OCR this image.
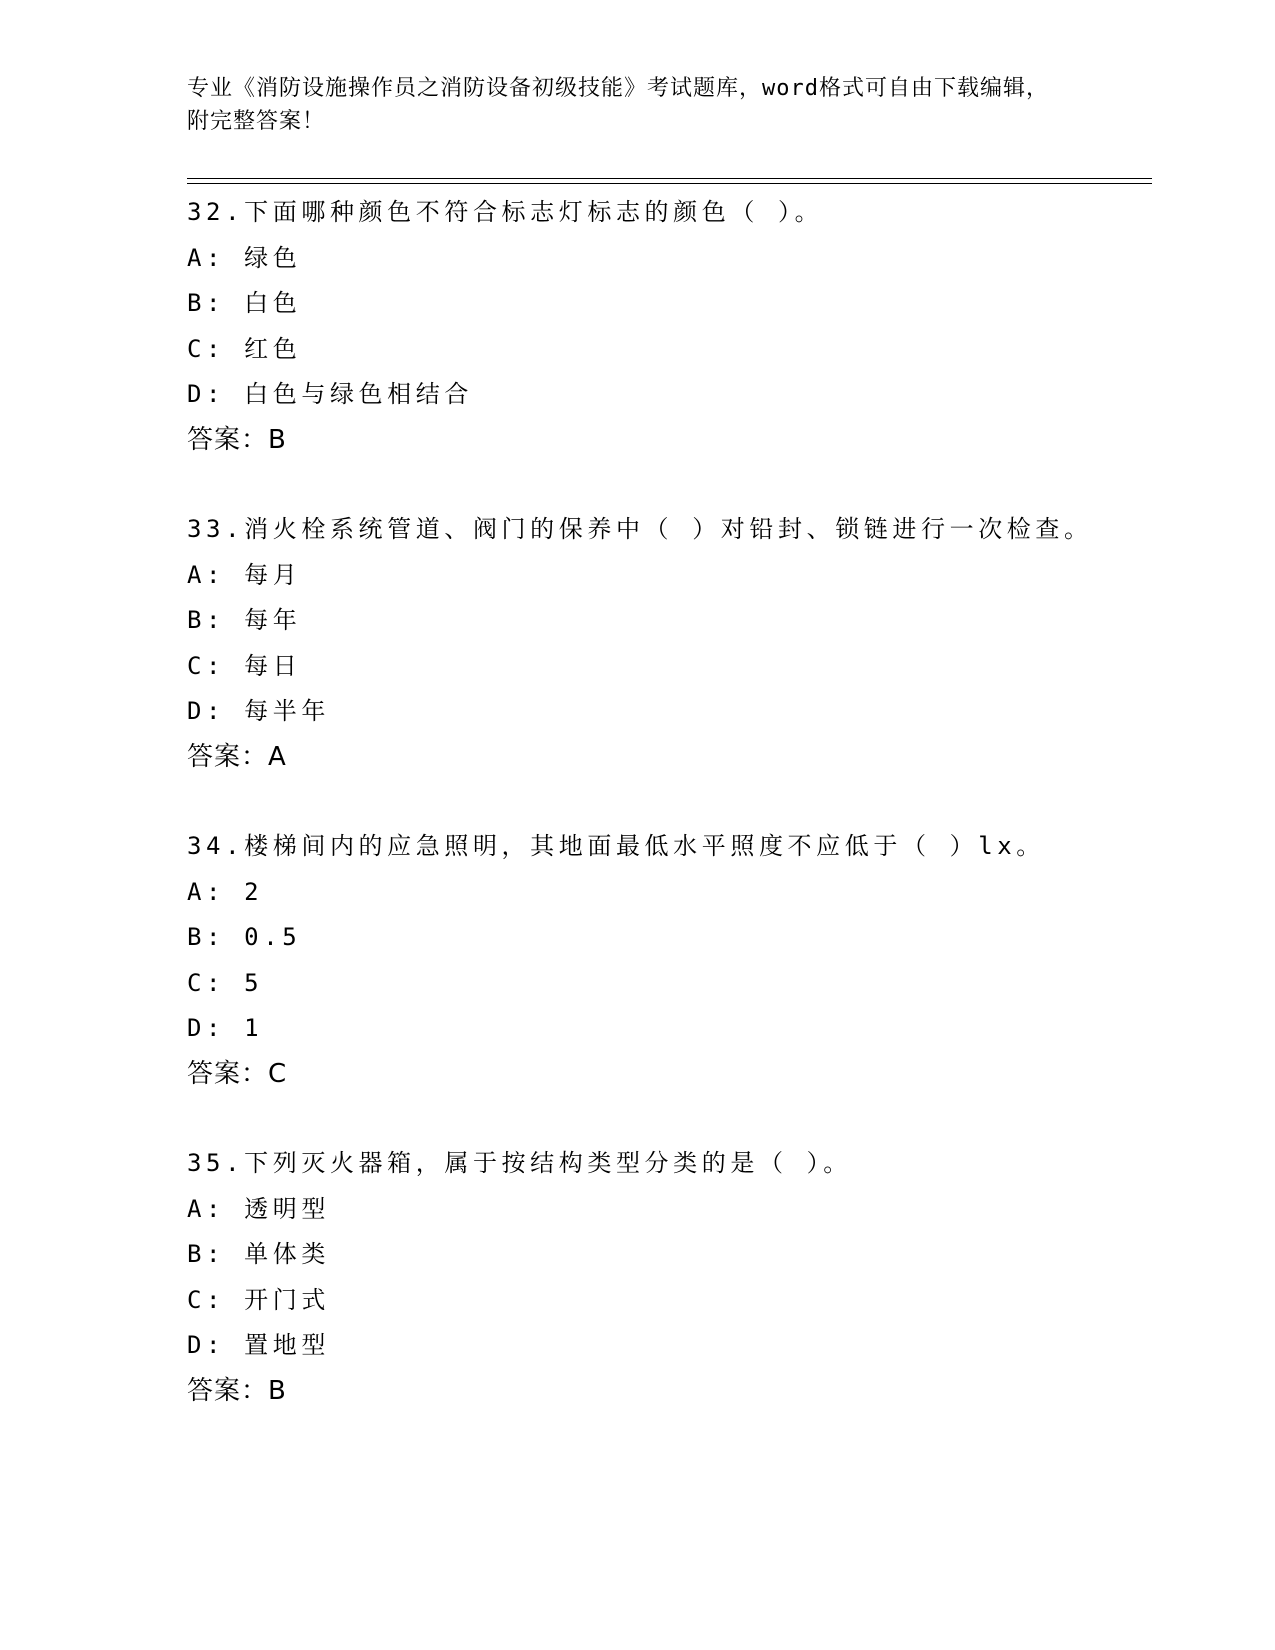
专业《消防设施操作员之消防设备初级技能》考试题库，word格式可自由下载编辑，附完整答案！
32.下面哪种颜色不符合标志灯标志的颜色（ ）。
A: 绿色
B: 白色
C: 红色
D: 白色与绿色相结合
答案：B
33.消火栓系统管道、阀门的保养中（ ）对铅封、锁链进行一次检查。
A: 每月
B: 每年
C: 每日
D: 每半年
答案：A
34.楼梯间内的应急照明，其地面最低水平照度不应低于（ ）lx。
A: 2
B: 0.5
C: 5
D: 1
答案：C
35.下列灭火器箱，属于按结构类型分类的是（ ）。
A: 透明型
B: 单体类
C: 开门式
D: 置地型
答案：B
